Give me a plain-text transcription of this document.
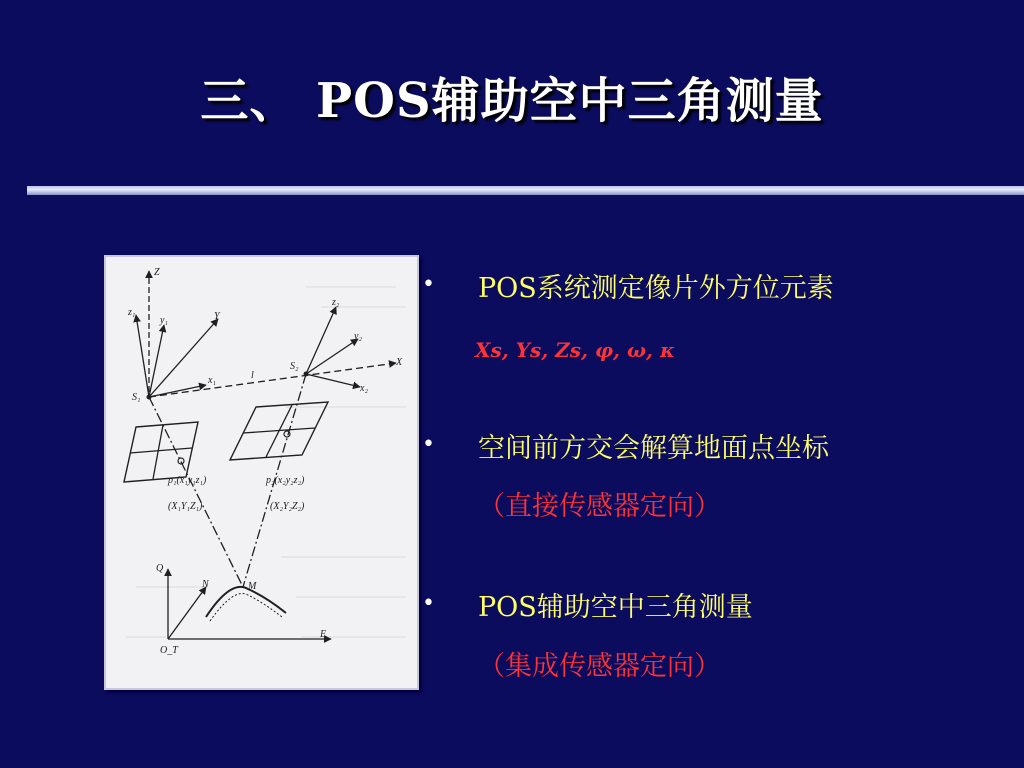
三、 POS辅助空中三角测量
Z
z₁
y₁	Y
x₁
S₁
l
z₂
y₂
S₂	X
x₂
p₁(x₁y₁z₁)
(X₁Y₁Z₁)
p₂(x₂y₂z₂)
(X₂Y₂Z₂)
Q
N	M
E
O_T
• POS系统测定像片外方位元素
Xs, Ys, Zs, φ, ω, κ
• 空间前方交会解算地面点坐标
（直接传感器定向）
• POS辅助空中三角测量
（集成传感器定向）
